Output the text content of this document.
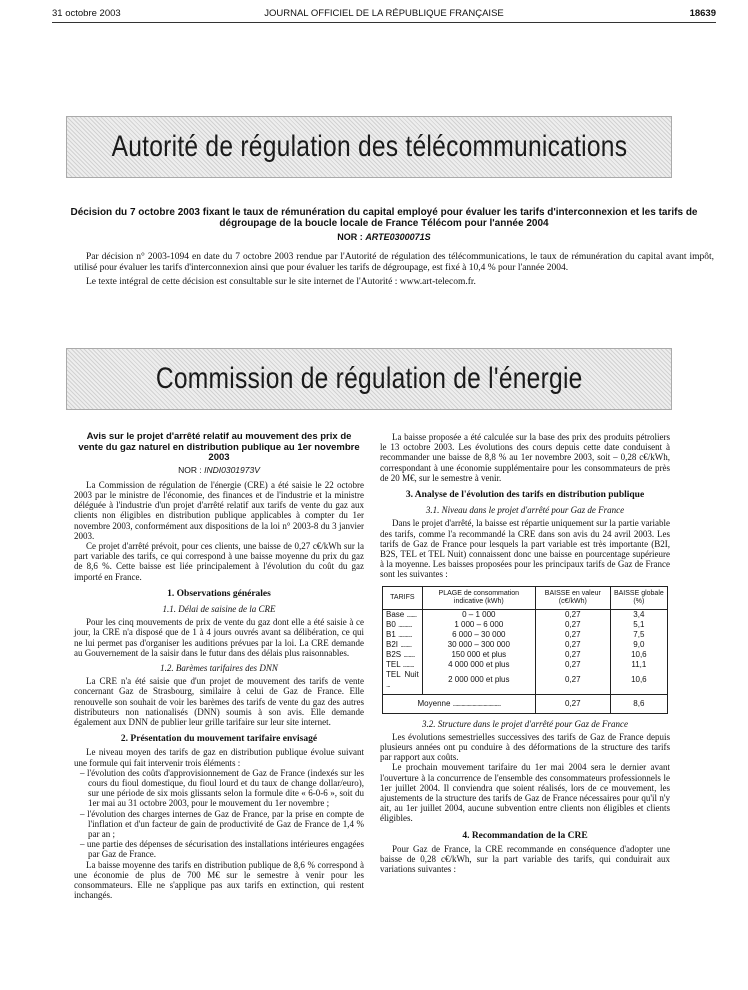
31 octobre 2003	JOURNAL OFFICIEL DE LA RÉPUBLIQUE FRANÇAISE	18639
Autorité de régulation des télécommunications
Décision du 7 octobre 2003 fixant le taux de rémunération du capital employé pour évaluer les tarifs d'interconnexion et les tarifs de dégroupage de la boucle locale de France Télécom pour l'année 2004
NOR : ARTE0300071S

Par décision n° 2003-1094 en date du 7 octobre 2003 rendue par l'Autorité de régulation des télécommunications, le taux de rémunération du capital avant impôt, utilisé pour évaluer les tarifs d'interconnexion ainsi que pour évaluer les tarifs de dégroupage, est fixé à 10,4 % pour l'année 2004.

Le texte intégral de cette décision est consultable sur le site internet de l'Autorité : www.art-telecom.fr.

Commission de régulation de l'énergie
Avis sur le projet d'arrêté relatif au mouvement des prix de vente du gaz naturel en distribution publique au 1er novembre 2003
NOR : INDI0301973V

La Commission de régulation de l'énergie (CRE) a été saisie le 22 octobre 2003 par le ministre de l'économie, des finances et de l'industrie et la ministre déléguée à l'industrie d'un projet d'arrêté relatif aux tarifs de vente du gaz aux clients non éligibles en distribution publique applicables à compter du 1er novembre 2003, conformément aux dispositions de la loi n° 2003-8 du 3 janvier 2003.

Ce projet d'arrêté prévoit, pour ces clients, une baisse de 0,27 c€/kWh sur la part variable des tarifs, ce qui correspond à une baisse moyenne du prix du gaz de 8,6 %. Cette baisse est liée principalement à l'évolution du coût du gaz importé en France.

1. Observations générales
1.1. Délai de saisine de la CRE

Pour les cinq mouvements de prix de vente du gaz dont elle a été saisie à ce jour, la CRE n'a disposé que de 1 à 4 jours ouvrés avant sa délibération, ce qui ne lui permet pas d'organiser les auditions prévues par la loi. La CRE demande au Gouvernement de la saisir dans le futur dans des délais plus raisonnables.

1.2. Barèmes tarifaires des DNN

La CRE n'a été saisie que d'un projet de mouvement des tarifs de vente concernant Gaz de Strasbourg, similaire à celui de Gaz de France. Elle renouvelle son souhait de voir les barèmes des tarifs de vente du gaz des autres distributeurs non nationalisés (DNN) soumis à son avis. Elle demande également aux DNN de publier leur grille tarifaire sur leur site internet.

2. Présentation du mouvement tarifaire envisagé

Le niveau moyen des tarifs de gaz en distribution publique évolue suivant une formule qui fait intervenir trois éléments :

– l'évolution des coûts d'approvisionnement de Gaz de France (indexés sur les cours du fioul domestique, du fioul lourd et du taux de change dollar/euro), sur une période de six mois glissants selon la formule dite « 6-0-6 », soit du 1er mai au 31 octobre 2003, pour le mouvement du 1er novembre ;
– l'évolution des charges internes de Gaz de France, par la prise en compte de l'inflation et d'un facteur de gain de productivité de Gaz de France de 1,4 % par an ;
– une partie des dépenses de sécurisation des installations intérieures engagées par Gaz de France.

La baisse moyenne des tarifs en distribution publique de 8,6 % correspond à une économie de plus de 700 M€ sur le semestre à venir pour les consommateurs. Elle ne s'applique pas aux tarifs en extinction, qui restent inchangés.

La baisse proposée a été calculée sur la base des prix des produits pétroliers le 13 octobre 2003. Les évolutions des cours depuis cette date conduisent à recommander une baisse de 8,8 % au 1er novembre 2003, soit – 0,28 c€/kWh, correspondant à une économie supplémentaire pour les consommateurs de près de 20 M€, sur le semestre à venir.

3. Analyse de l'évolution des tarifs en distribution publique
3.1. Niveau dans le projet d'arrêté pour Gaz de France

Dans le projet d'arrêté, la baisse est répartie uniquement sur la partie variable des tarifs, comme l'a recommandé la CRE dans son avis du 24 avril 2003. Les tarifs de Gaz de France pour lesquels la part variable est très importante (B2I, B2S, TEL et TEL Nuit) connaissent donc une baisse en pourcentage supérieure à la moyenne. Les baisses proposées pour les principaux tarifs de Gaz de France sont les suivantes :

TARIFS	PLAGE de consommation indicative (kWh)	BAISSE en valeur (c€/kWh)	BAISSE globale (%)
Base ........	0 – 1 000	0,27	3,4
B0 ...........	1 000 – 6 000	0,27	5,1
B1 ...........	6 000 – 30 000	0,27	7,5
B2I .........	30 000 – 300 000	0,27	9,0
B2S .........	150 000 et plus	0,27	10,6
TEL .........	4 000 000 et plus	0,27	11,1
TEL Nuit ...	2 000 000 et plus	0,27	10,6
Moyenne .......................................		0,27	8,6
3.2. Structure dans le projet d'arrêté pour Gaz de France

Les évolutions semestrielles successives des tarifs de Gaz de France depuis plusieurs années ont pu conduire à des déformations de la structure des tarifs par rapport aux coûts.

Le prochain mouvement tarifaire du 1er mai 2004 sera le dernier avant l'ouverture à la concurrence de l'ensemble des consommateurs professionnels le 1er juillet 2004. Il conviendra que soient réalisés, lors de ce mouvement, les ajustements de la structure des tarifs de Gaz de France nécessaires pour qu'il n'y ait, au 1er juillet 2004, aucune subvention entre clients non éligibles et clients éligibles.

4. Recommandation de la CRE

Pour Gaz de France, la CRE recommande en conséquence d'adopter une baisse de 0,28 c€/kWh, sur la part variable des tarifs, qui conduirait aux variations suivantes :
